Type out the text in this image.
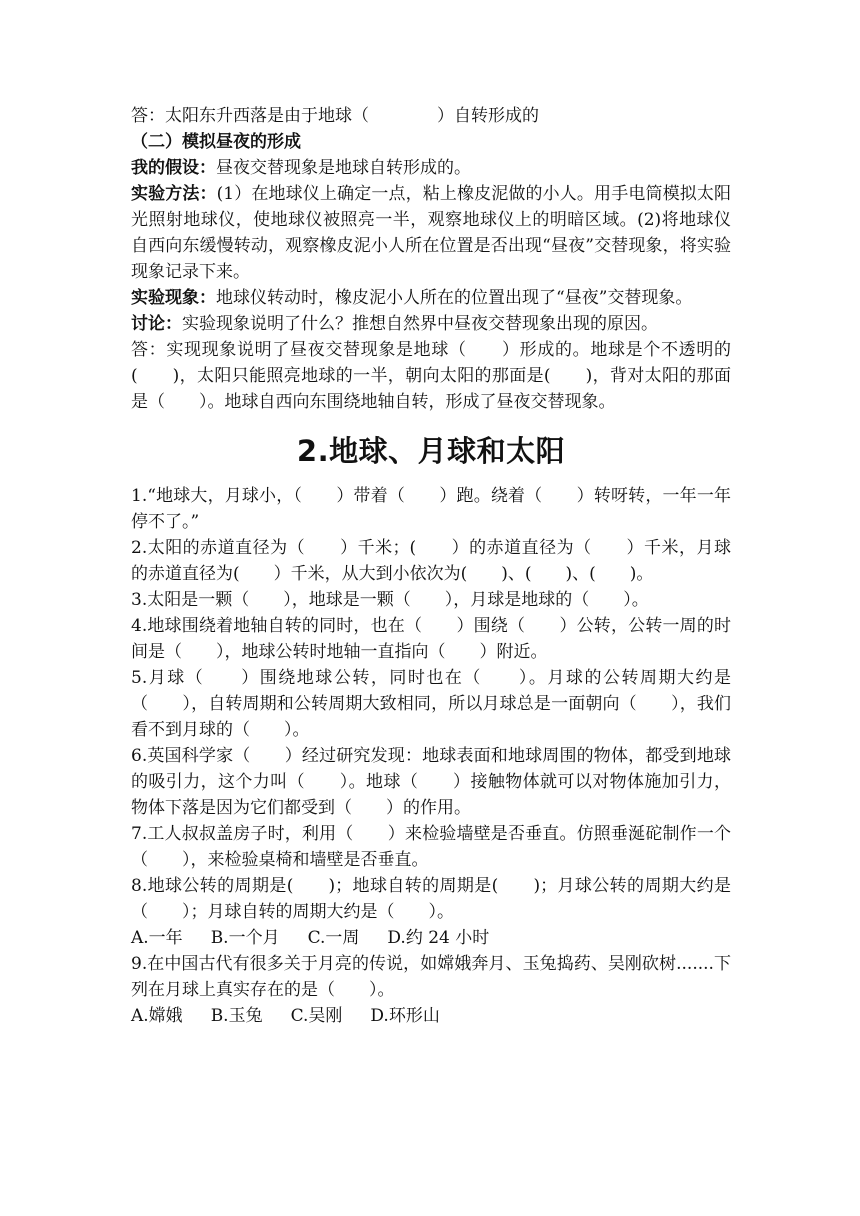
答：太阳东升西落是由于地球（　　　　）自转形成的

（二）模拟昼夜的形成

我的假设：昼夜交替现象是地球自转形成的。

实验方法：(1）在地球仪上确定一点，粘上橡皮泥做的小人。用手电筒模拟太阳光照射地球仪，使地球仪被照亮一半，观察地球仪上的明暗区域。(2)将地球仪自西向东缓慢转动，观察橡皮泥小人所在位置是否出现“昼夜”交替现象，将实验现象记录下来。

实验现象：地球仪转动时，橡皮泥小人所在的位置出现了“昼夜”交替现象。

讨论：实验现象说明了什么？推想自然界中昼夜交替现象出现的原因。

答：实现现象说明了昼夜交替现象是地球（　　）形成的。地球是个不透明的(　　)，太阳只能照亮地球的一半，朝向太阳的那面是(　　)，背对太阳的那面是（　　）。地球自西向东围绕地轴自转，形成了昼夜交替现象。

2.地球、月球和太阳

1.“地球大，月球小，（　　）带着（　　）跑。绕着（　　）转呀转，一年一年停不了。”

2.太阳的赤道直径为（　　）千米；(　　）的赤道直径为（　　）千米，月球的赤道直径为(　　）千米，从大到小依次为(　　)、(　　)、(　　)。

3.太阳是一颗（　　），地球是一颗（　　），月球是地球的（　　）。

4.地球围绕着地轴自转的同时，也在（　　）围绕（　　）公转，公转一周的时间是（　　），地球公转时地轴一直指向（　　）附近。

5.月球（　　）围绕地球公转，同时也在（　　）。月球的公转周期大约是（　　），自转周期和公转周期大致相同，所以月球总是一面朝向（　　），我们看不到月球的（　　）。

6.英国科学家（　　）经过研究发现：地球表面和地球周围的物体，都受到地球的吸引力，这个力叫（　　）。地球（　　）接触物体就可以对物体施加引力，物体下落是因为它们都受到（　　）的作用。

7.工人叔叔盖房子时，利用（　　）来检验墙壁是否垂直。仿照垂涎砣制作一个（　　），来检验桌椅和墙壁是否垂直。

8.地球公转的周期是(　　)；地球自转的周期是(　　)；月球公转的周期大约是（　　）；月球自转的周期大约是（　　）。

A.一年 B.一个月 C.一周 D.约 24 小时

9.在中国古代有很多关于月亮的传说，如嫦娥奔月、玉兔捣药、吴刚砍树.......下列在月球上真实存在的是（　　）。

A.嫦娥 B.玉兔 C.吴刚 D.环形山
